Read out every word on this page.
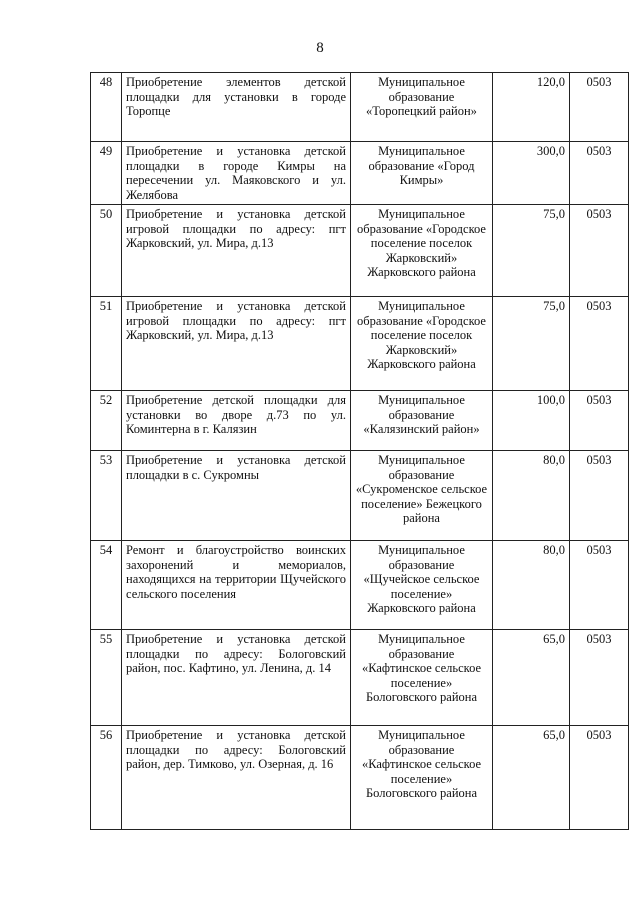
8
48	Приобретение элементов детской площадки для установки в городе Торопце	Муниципальное образование «Торопецкий район»	120,0	0503
49	Приобретение и установка детской площадки в городе Кимры на пересечении ул. Маяковского и ул. Желябова	Муниципальное образование «Город Кимры»	300,0	0503
50	Приобретение и установка детской игровой площадки по адресу: пгт Жарковский, ул. Мира, д.13	Муниципальное образование «Городское поселение поселок Жарковский» Жарковского района	75,0	0503
51	Приобретение и установка детской игровой площадки по адресу: пгт Жарковский, ул. Мира, д.13	Муниципальное образование «Городское поселение поселок Жарковский» Жарковского района	75,0	0503
52	Приобретение детской площадки для установки во дворе д.73 по ул. Коминтерна в г. Калязин	Муниципальное образование «Калязинский район»	100,0	0503
53	Приобретение и установка детской площадки в с. Сукромны	Муниципальное образование «Сукроменское сельское поселение» Бежецкого района	80,0	0503
54	Ремонт и благоустройство воинских захоронений и мемориалов, находящихся на территории Щучейского сельского поселения	Муниципальное образование «Щучейское сельское поселение» Жарковского района	80,0	0503
55	Приобретение и установка детской площадки по адресу: Бологовский район, пос. Кафтино, ул. Ленина, д. 14	Муниципальное образование «Кафтинское сельское поселение» Бологовского района	65,0	0503
56	Приобретение и установка детской площадки по адресу: Бологовский район, дер. Тимково, ул. Озерная, д. 16	Муниципальное образование «Кафтинское сельское поселение» Бологовского района	65,0	0503
